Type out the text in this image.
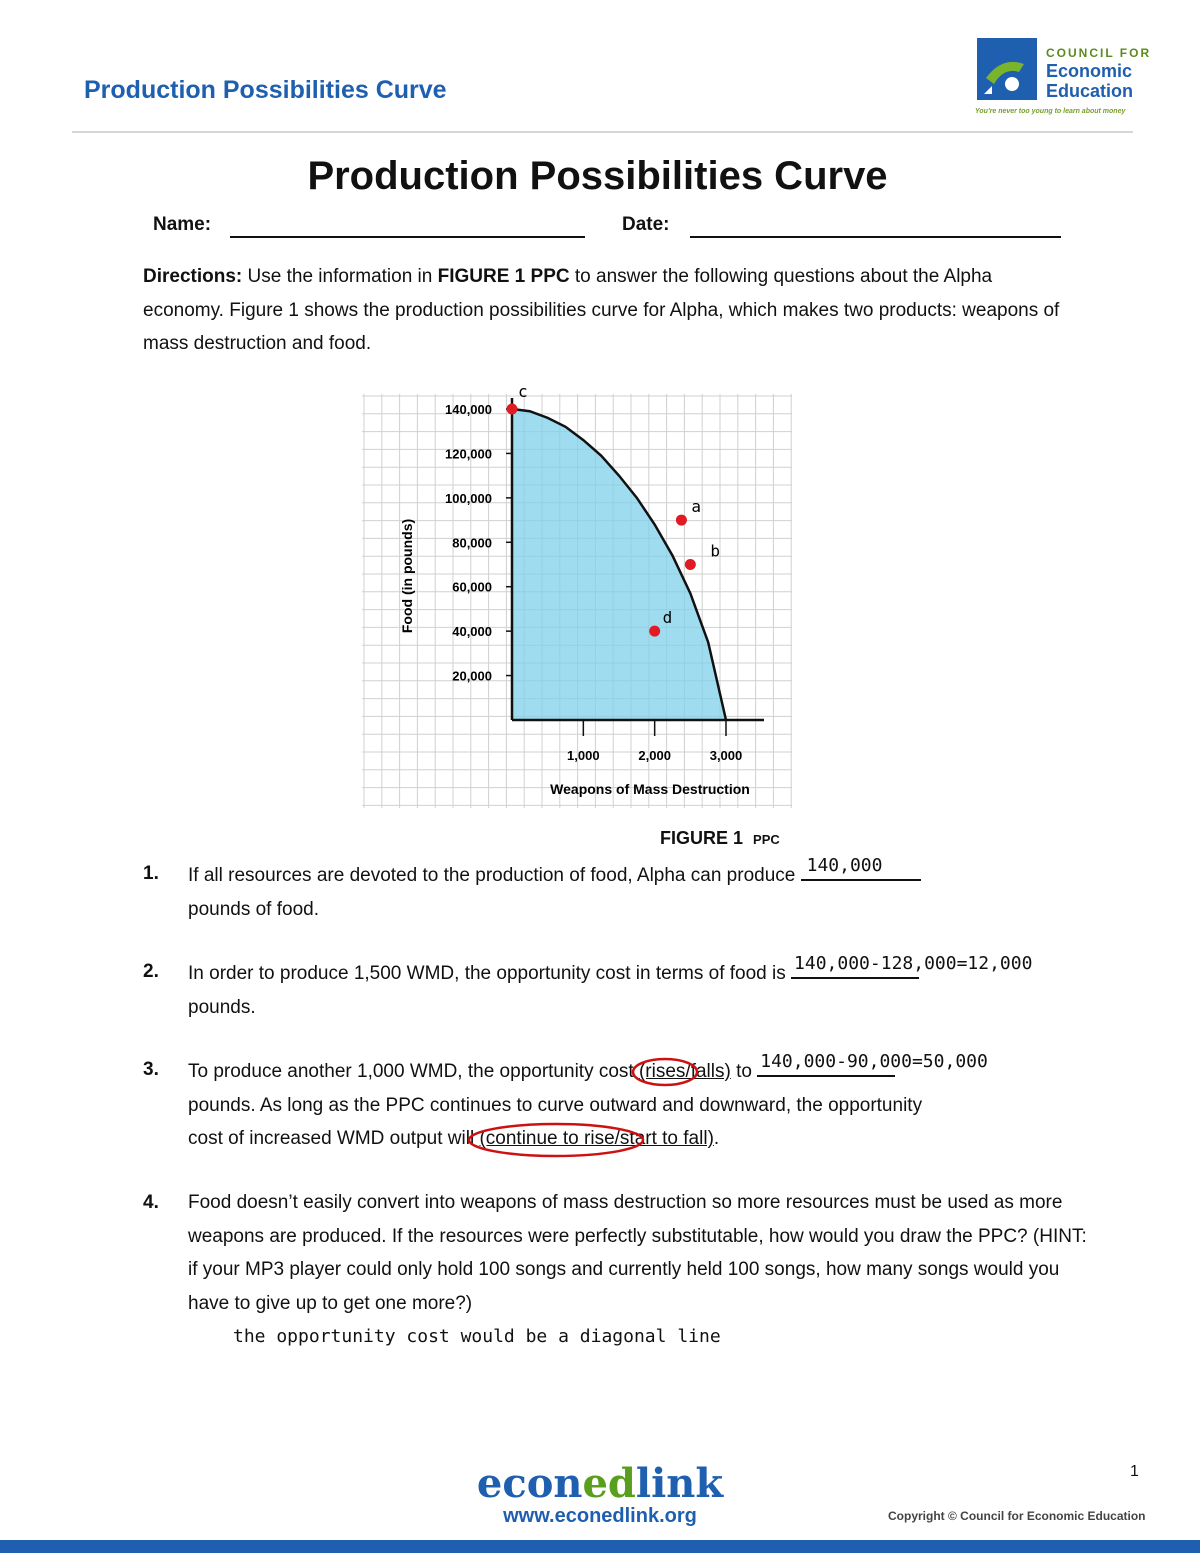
Production Possibilities Curve
COUNCIL FOR
Economic
Education
You're never too young to learn about money
Production Possibilities Curve
Name:	Date:
Directions: Use the information in FIGURE 1 PPC to answer the following questions about the Alpha economy. Figure 1 shows the production possibilities curve for Alpha, which makes two products: weapons of mass destruction and food.
20,000
40,000
60,000
80,000
100,000
120,000
140,000
1,000	2,000	3,000
Weapons of Mass Destruction
Food (in pounds)
c
a
b
d
FIGURE 1 PPC
1. If all resources are devoted to the production of food, Alpha can produce 140,000

pounds of food.
2. In order to produce 1,500 WMD, the opportunity cost in terms of food is 140,000-128,000=12,000

pounds.
3. To produce another 1,000 WMD, the opportunity cost (rises
/falls) to 140,000-90,000=50,000

pounds. As long as the PPC continues to curve outward and downward, the opportunity
cost of increased WMD output will (continue to rise
/start to fall).
4. Food doesn’t easily convert into weapons of mass destruction so more resources must be used as more weapons are produced. If the resources were perfectly substitutable, how would you draw the PPC? (HINT: if your MP3 player could only hold 100 songs and currently held 100 songs, how many songs would you have to give up to get one more?)
the opportunity cost would be a diagonal line
econedlink
www.econedlink.org	Copyright © Council for Economic Education
1
